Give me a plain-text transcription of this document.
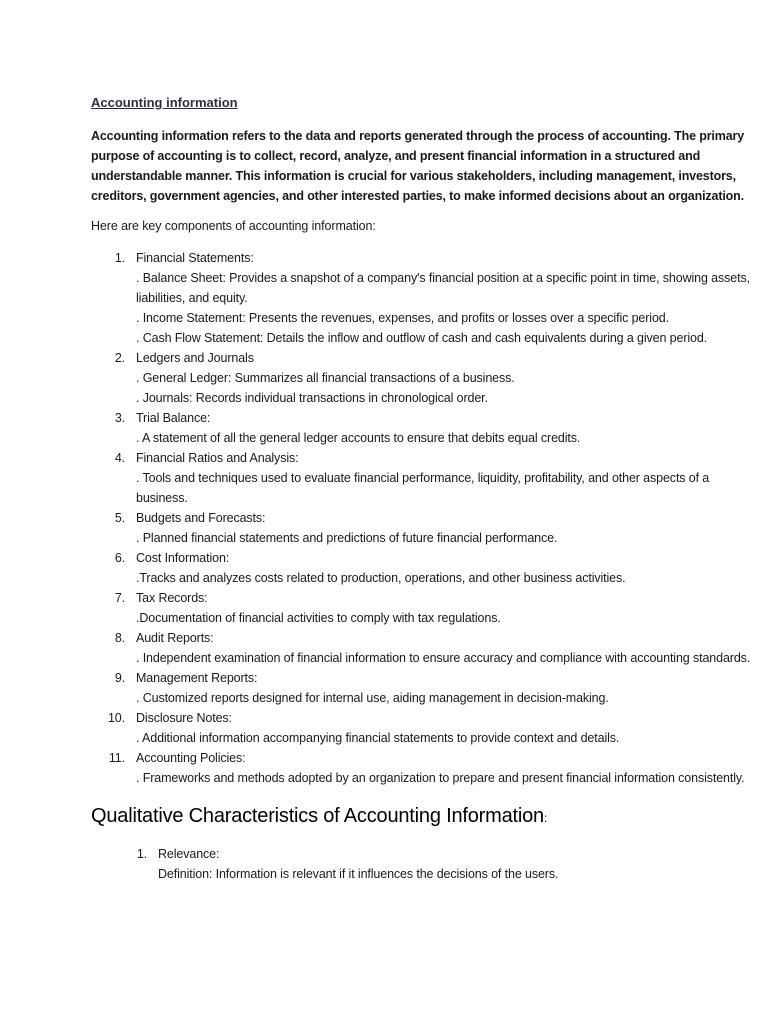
Accounting information

Accounting information refers to the data and reports generated through the process of accounting. The primary purpose of accounting is to collect, record, analyze, and present financial information in a structured and understandable manner. This information is crucial for various stakeholders, including management, investors, creditors, government agencies, and other interested parties, to make informed decisions about an organization.

Here are key components of accounting information:

1. Financial Statements:
. Balance Sheet: Provides a snapshot of a company's financial position at a specific point in time, showing assets, liabilities, and equity.
. Income Statement: Presents the revenues, expenses, and profits or losses over a specific period.
. Cash Flow Statement: Details the inflow and outflow of cash and cash equivalents during a given period.
2. Ledgers and Journals
. General Ledger: Summarizes all financial transactions of a business.
. Journals: Records individual transactions in chronological order.
3. Trial Balance:
. A statement of all the general ledger accounts to ensure that debits equal credits.
4. Financial Ratios and Analysis:
. Tools and techniques used to evaluate financial performance, liquidity, profitability, and other aspects of a business.
5. Budgets and Forecasts:
. Planned financial statements and predictions of future financial performance.
6. Cost Information:
.Tracks and analyzes costs related to production, operations, and other business activities.
7. Tax Records:
.Documentation of financial activities to comply with tax regulations.
8. Audit Reports:
. Independent examination of financial information to ensure accuracy and compliance with accounting standards.
9. Management Reports:
. Customized reports designed for internal use, aiding management in decision-making.
10. Disclosure Notes:
. Additional information accompanying financial statements to provide context and details.
11. Accounting Policies:
. Frameworks and methods adopted by an organization to prepare and present financial information consistently.
Qualitative Characteristics of Accounting Information:
1. Relevance:
Definition: Information is relevant if it influences the decisions of the users.
